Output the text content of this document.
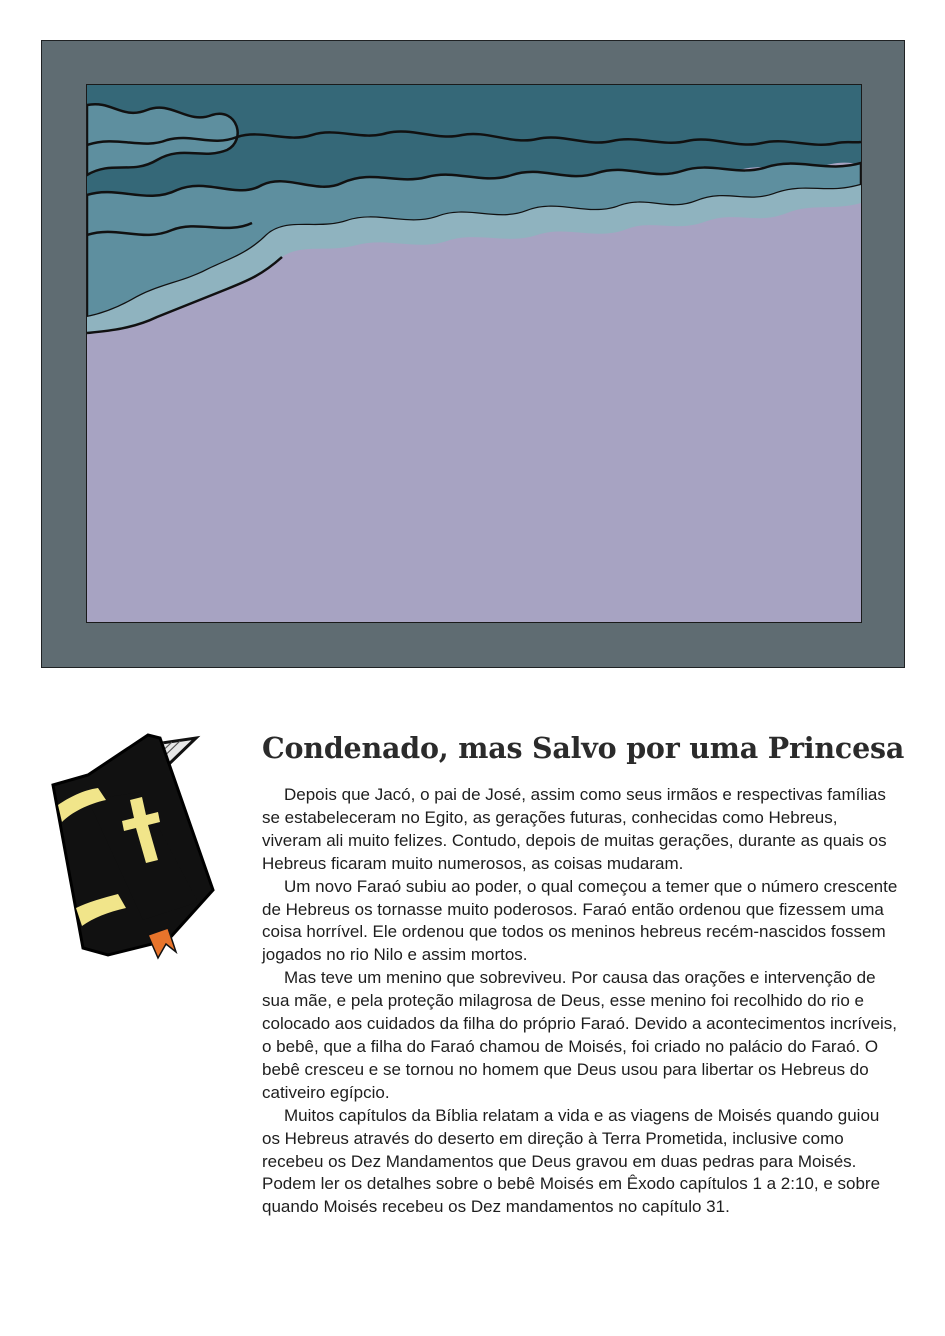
Condenado, mas Salvo por uma Princesa

Depois que Jacó, o pai de José, assim como seus irmãos e respectivas famílias se estabeleceram no Egito, as gerações futuras, conhecidas como Hebreus, viveram ali muito felizes. Contudo, depois de muitas gerações, durante as quais os Hebreus ficaram muito numerosos, as coisas mudaram.

Um novo Faraó subiu ao poder, o qual começou a temer que o número crescente de Hebreus os tornasse muito poderosos. Faraó então ordenou que fizessem uma coisa horrível. Ele ordenou que todos os meninos hebreus recém-nascidos fossem jogados no rio Nilo e assim mortos.

Mas teve um menino que sobreviveu. Por causa das orações e intervenção de sua mãe, e pela proteção milagrosa de Deus, esse menino foi recolhido do rio e colocado aos cuidados da filha do próprio Faraó. Devido a acontecimentos incríveis, o bebê, que a filha do Faraó chamou de Moisés, foi criado no palácio do Faraó. O bebê cresceu e se tornou no homem que Deus usou para libertar os Hebreus do cativeiro egípcio.

Muitos capítulos da Bíblia relatam a vida e as viagens de Moisés quando guiou os Hebreus através do deserto em direção à Terra Prometida, inclusive como recebeu os Dez Mandamentos que Deus gravou em duas pedras para Moisés. Podem ler os detalhes sobre o bebê Moisés em Êxodo capítulos 1 a 2:10, e sobre quando Moisés recebeu os Dez mandamentos no capítulo 31.
